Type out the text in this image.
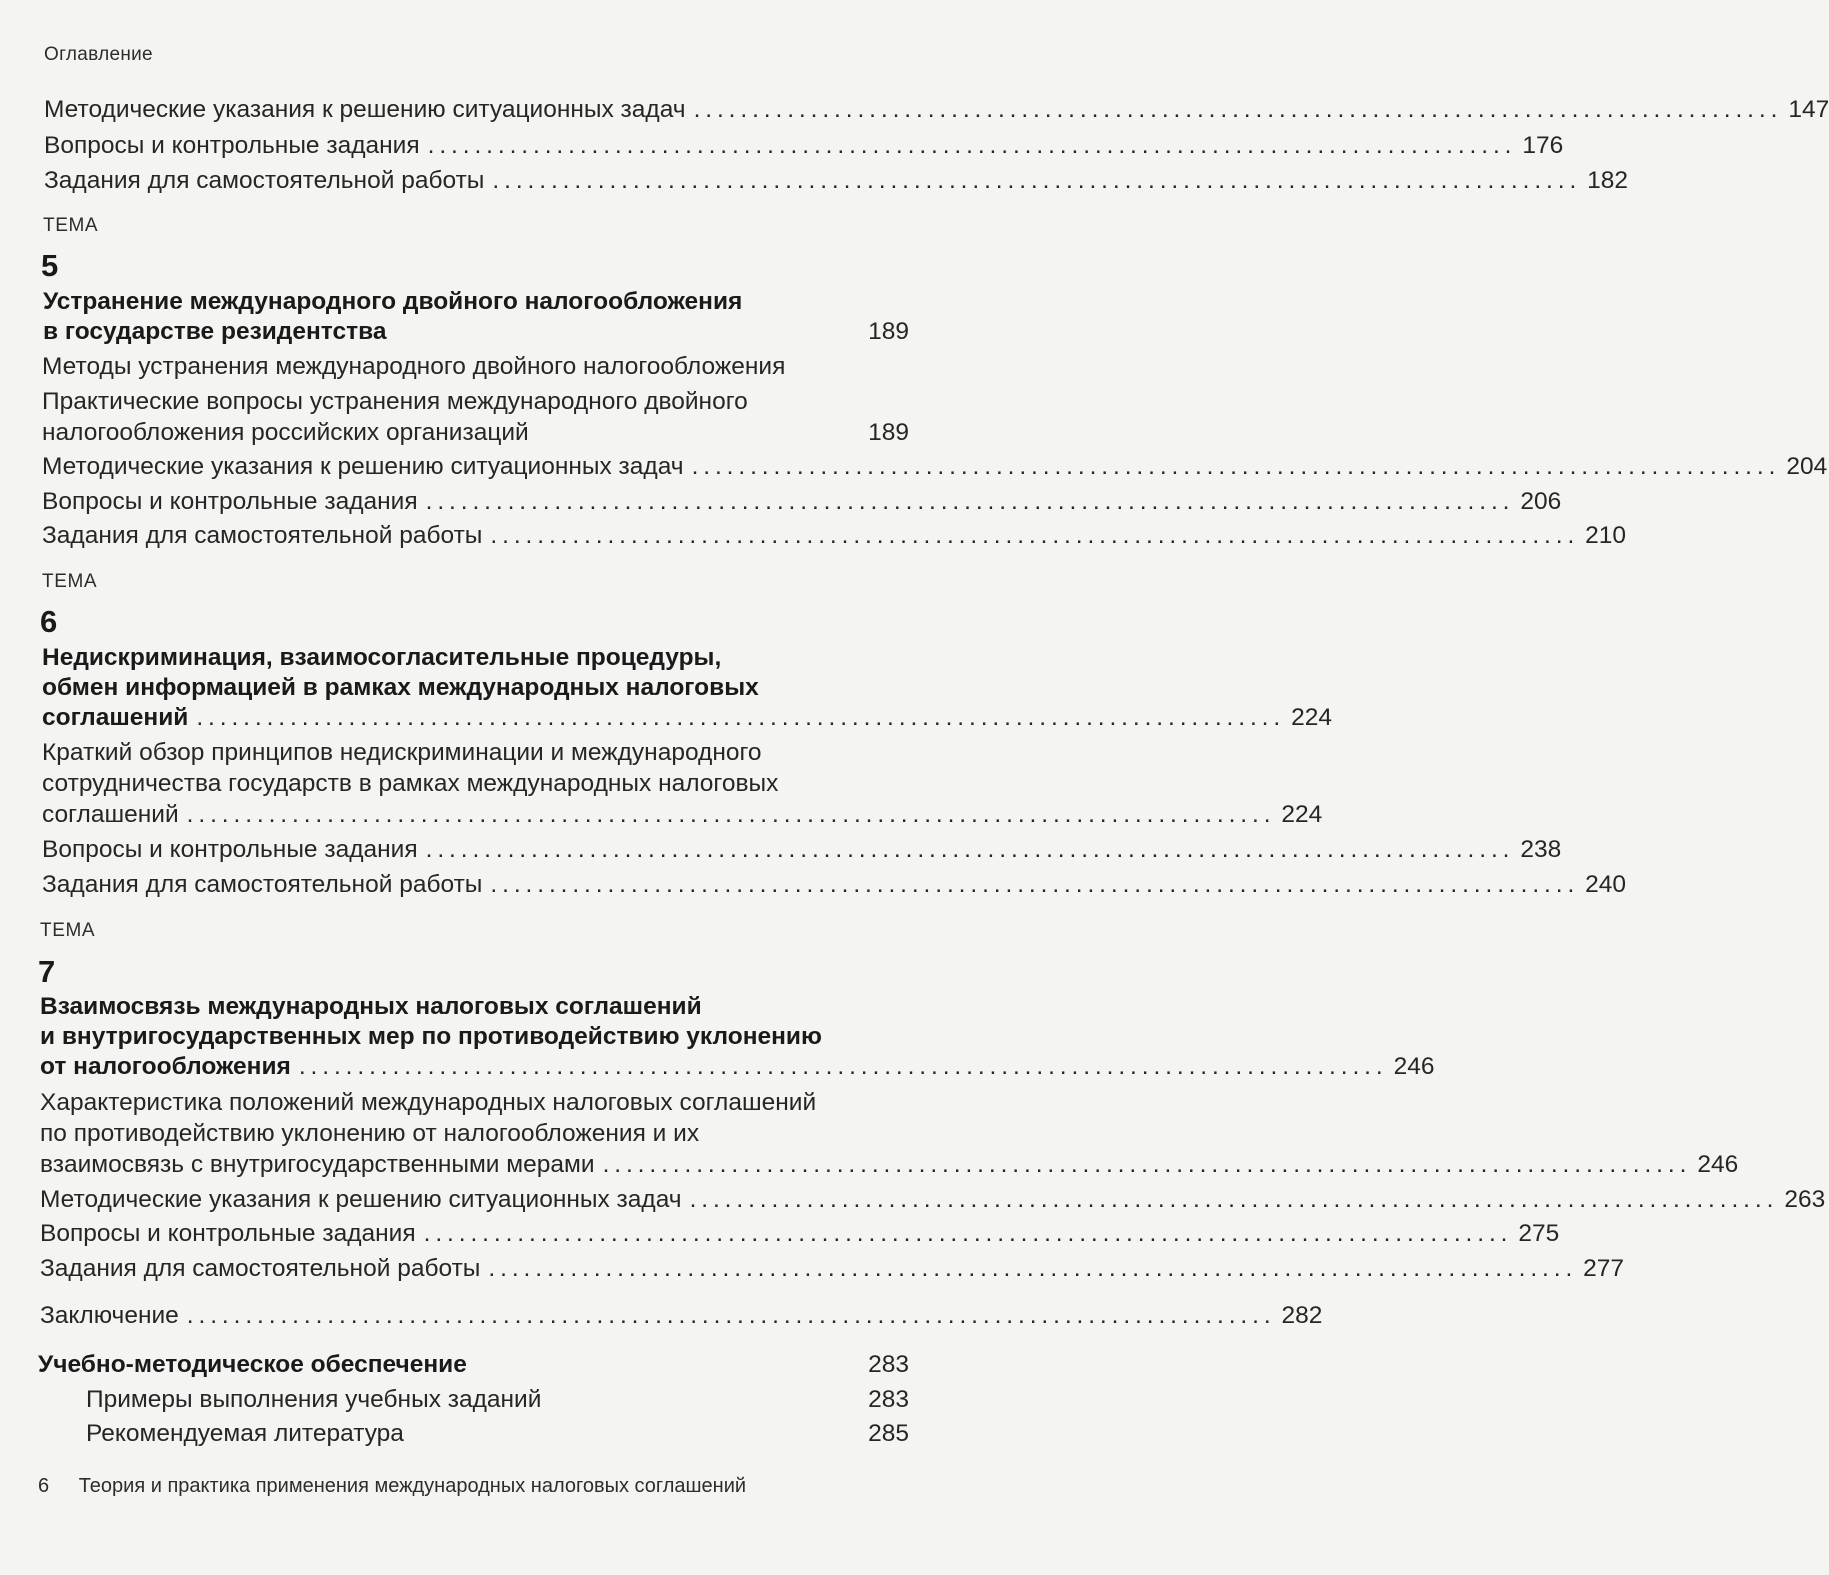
Оглавление
Методические указания к решению ситуационных задач ............................................................................................. 147
Вопросы и контрольные задания ............................................................................................. 176
Задания для самостоятельной работы ............................................................................................. 182
ТЕМА
5
Устранение международного двойного налогообложения
в государстве резидентства	189
Методы устранения международного двойного налогообложения
Практические вопросы устранения международного двойного
налогообложения российских организаций	189
Методические указания к решению ситуационных задач ............................................................................................. 204
Вопросы и контрольные задания ............................................................................................. 206
Задания для самостоятельной работы ............................................................................................. 210
ТЕМА
6
Недискриминация, взаимосогласительные процедуры,
обмен информацией в рамках международных налоговых
соглашений ............................................................................................. 224
Краткий обзор принципов недискриминации и международного
сотрудничества государств в рамках международных налоговых
соглашений ............................................................................................. 224
Вопросы и контрольные задания ............................................................................................. 238
Задания для самостоятельной работы ............................................................................................. 240
ТЕМА
7
Взаимосвязь международных налоговых соглашений
и внутригосударственных мер по противодействию уклонению
от налогообложения ............................................................................................. 246
Характеристика положений международных налоговых соглашений
по противодействию уклонению от налогообложения и их
взаимосвязь с внутригосударственными мерами ............................................................................................. 246
Методические указания к решению ситуационных задач ............................................................................................. 263
Вопросы и контрольные задания ............................................................................................. 275
Задания для самостоятельной работы ............................................................................................. 277
Заключение ............................................................................................. 282
Учебно-методическое обеспечение	283
Примеры выполнения учебных заданий	283
Рекомендуемая литература	285
6 Теория и практика применения международных налоговых соглашений
